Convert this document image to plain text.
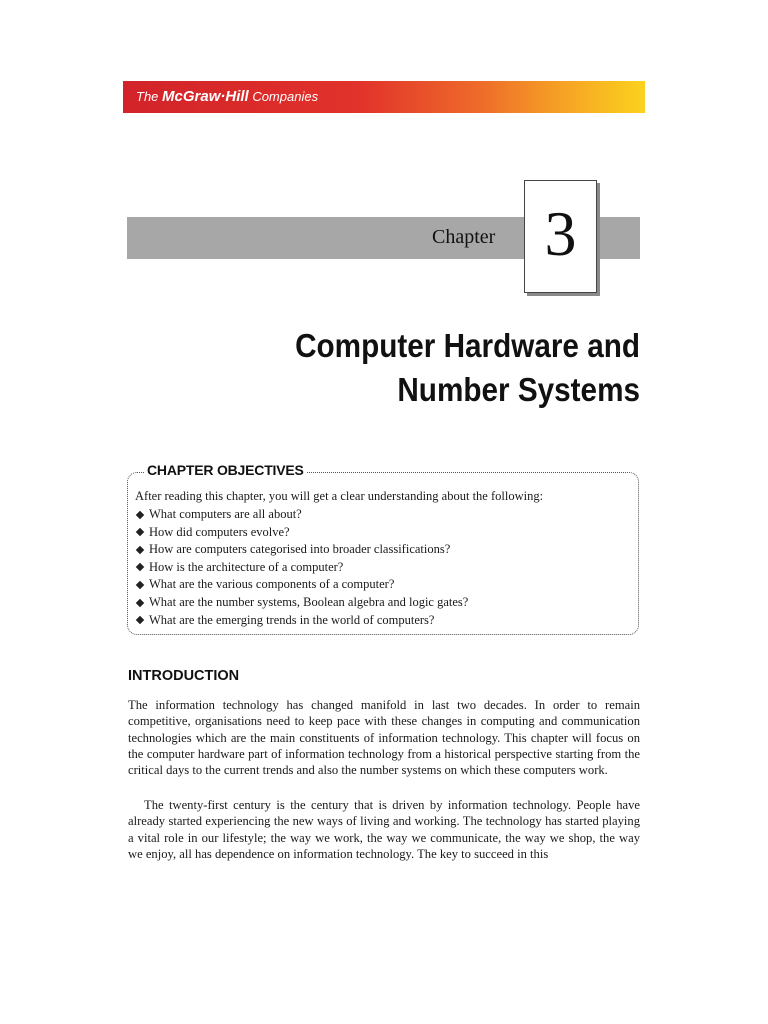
The McGraw·Hill Companies
Chapter 3
Computer Hardware and
Number Systems
CHAPTER OBJECTIVES
After reading this chapter, you will get a clear understanding about the following:
What computers are all about?
How did computers evolve?
How are computers categorised into broader classifications?
How is the architecture of a computer?
What are the various components of a computer?
What are the number systems, Boolean algebra and logic gates?
What are the emerging trends in the world of computers?
INTRODUCTION

The information technology has changed manifold in last two decades. In order to remain competitive, organisations need to keep pace with these changes in computing and communication technologies which are the main constituents of information technology. This chapter will focus on the computer hardware part of information technology from a historical perspective starting from the critical days to the current trends and also the number systems on which these computers work.

The twenty-first century is the century that is driven by information technology. People have already started experiencing the new ways of living and working. The technology has started playing a vital role in our lifestyle; the way we work, the way we communicate, the way we shop, the way we enjoy, all has dependence on information technology. The key to succeed in this
